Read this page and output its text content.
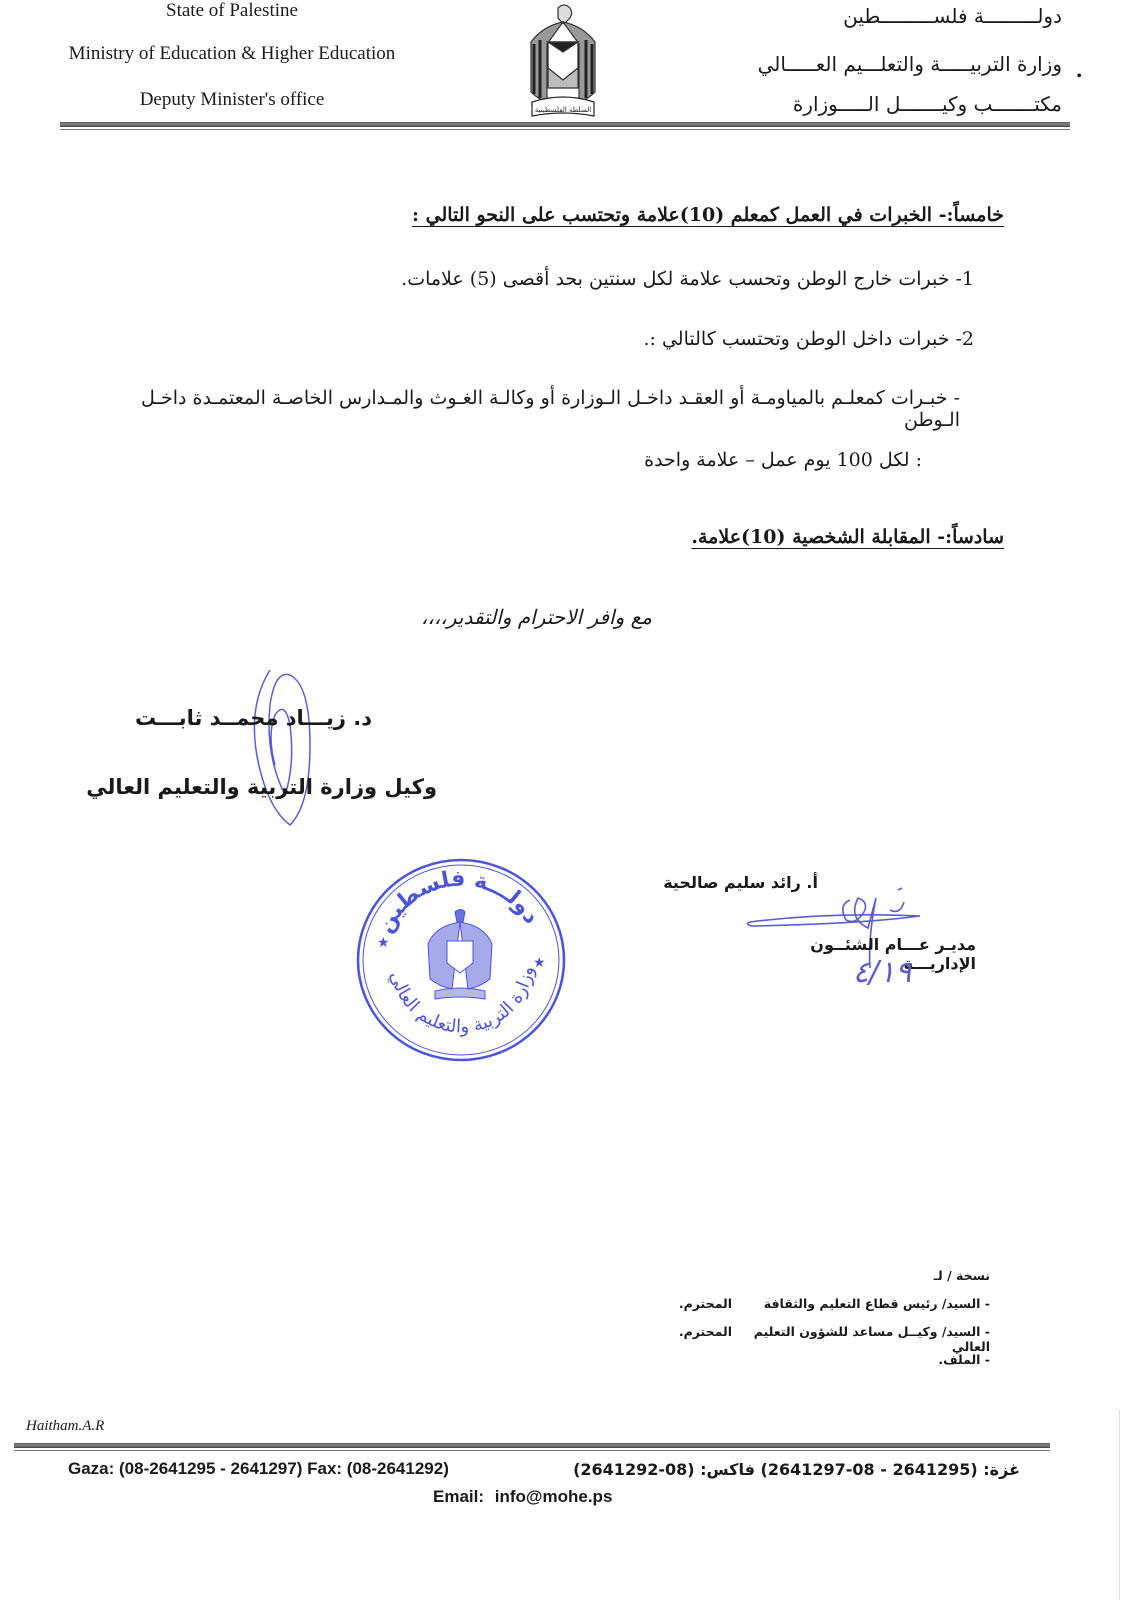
State of Palestine
Ministry of Education & Higher Education
Deputy Minister's office	السلطة الفلسطينية
دولـــــــــة فلســـــــــطين
وزارة التربيـــــة والتعلـــيم العـــــالي
•
مكتـــــــب وكيـــــــل الـــــوزارة
خامساً:- الخبرات في العمل كمعلم (10)علامة وتحتسب على النحو التالي :
1- خبرات خارج الوطن وتحسب علامة لكل سنتين بحد أقصى (5) علامات.
2- خبرات داخل الوطن وتحتسب كالتالي :.
- خبـرات كمعلـم بالمياومـة أو العقـد داخـل الـوزارة أو وكالـة الغـوث والمـدارس الخاصـة المعتمـدة داخـل الـوطن
: لكل 100 يوم عمل – علامة واحدة
سادساً:- المقابلة الشخصية (10)علامة.
مع وافر الاحترام والتقدير،،،،
د. زيـــاد محمــد ثابـــت
وكيل وزارة التربية والتعليم العالي
دولـــة فلسطين
وزارة التربية والتعليم العالي
★
★
أ. رائد سليم صالحية
مديـر عـــام الشئــون الإداريـــة
٤/١٩
نسخة / لـ
- السيد/ رئيس قطاع التعليم والثقافة
المحترم.
- السيد/ وكيــل مساعد للشؤون التعليم العالي
المحترم.
- الملف.
Haitham.A.R
Gaza: (08-2641295 - 2641297) Fax: (08-2641292)	غزة: (2641295 - 08-2641297) فاكس: (08-2641292)
Email: info@mohe.ps
